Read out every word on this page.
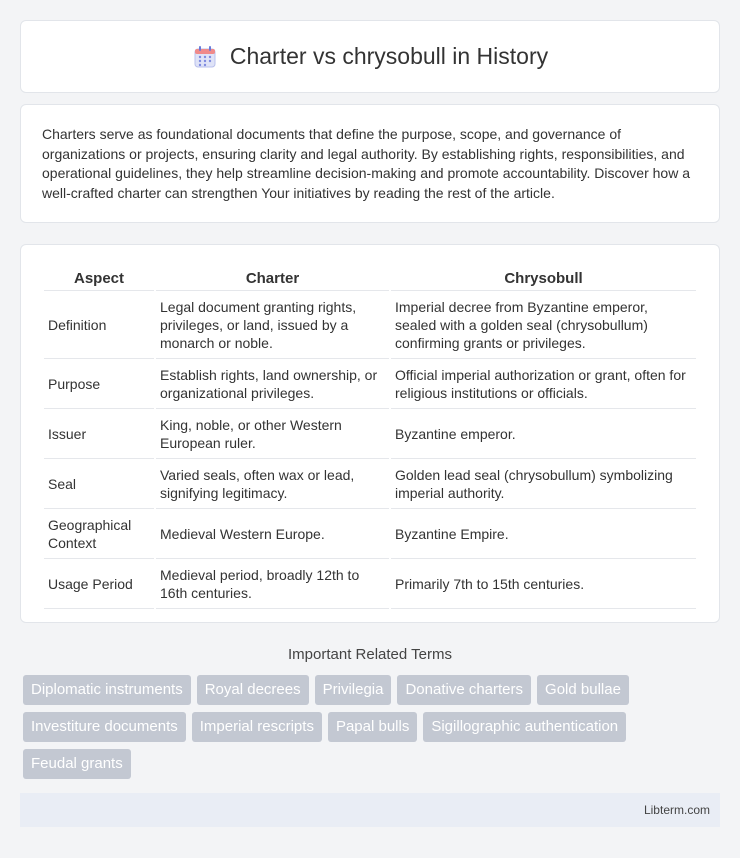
Charter vs chrysobull in History

Charters serve as foundational documents that define the purpose, scope, and governance of organizations or projects, ensuring clarity and legal authority. By establishing rights, responsibilities, and operational guidelines, they help streamline decision-making and promote accountability. Discover how a well-crafted charter can strengthen Your initiatives by reading the rest of the article.

Aspect	Charter	Chrysobull
Definition	Legal document granting rights, privileges, or land, issued by a monarch or noble.	Imperial decree from Byzantine emperor, sealed with a golden seal (chrysobullum) confirming grants or privileges.
Purpose	Establish rights, land ownership, or organizational privileges.	Official imperial authorization or grant, often for religious institutions or officials.
Issuer	King, noble, or other Western European ruler.	Byzantine emperor.
Seal	Varied seals, often wax or lead, signifying legitimacy.	Golden lead seal (chrysobullum) symbolizing imperial authority.
Geographical Context	Medieval Western Europe.	Byzantine Empire.
Usage Period	Medieval period, broadly 12th to 16th centuries.	Primarily 7th to 15th centuries.
Important Related Terms
Diplomatic instruments	Royal decrees	Privilegia	Donative charters	Gold bullae
Investiture documents	Imperial rescripts	Papal bulls	Sigillographic authentication
Feudal grants
Libterm.com
